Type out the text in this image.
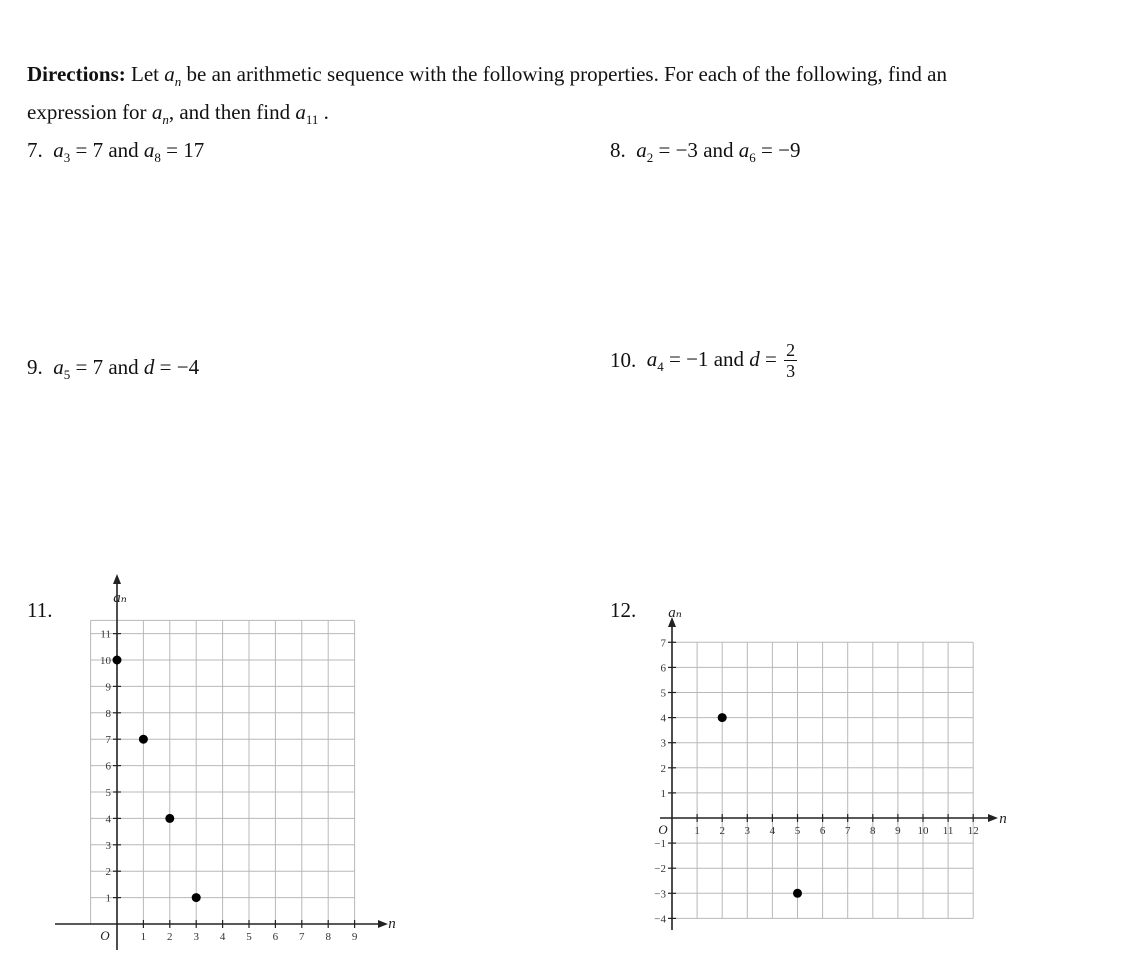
Directions: Let $a_n$ be an arithmetic sequence with the following properties. For each of the following, find an
expression for $a_n$, and then find $a_{11}$ .
7. $a_3 = 7$ and $a_8 = 17$	8. $a_2 = -3$ and $a_6 = -9$
9. $a_5 = 7$ and d = −4	10. $a_4 = -1$ and $d = \frac{2}{3}$
11.	12.
1 2 3 4 5 6 7 8 9
1
2
3
4
5
6
7
8
9
10
11
aₙ
n
O
1 2 3 4 5 6 7 8 9 10 11 12
−4
−3
−2
−1
1
2
3
4
5
6
7
aₙ
n
O
